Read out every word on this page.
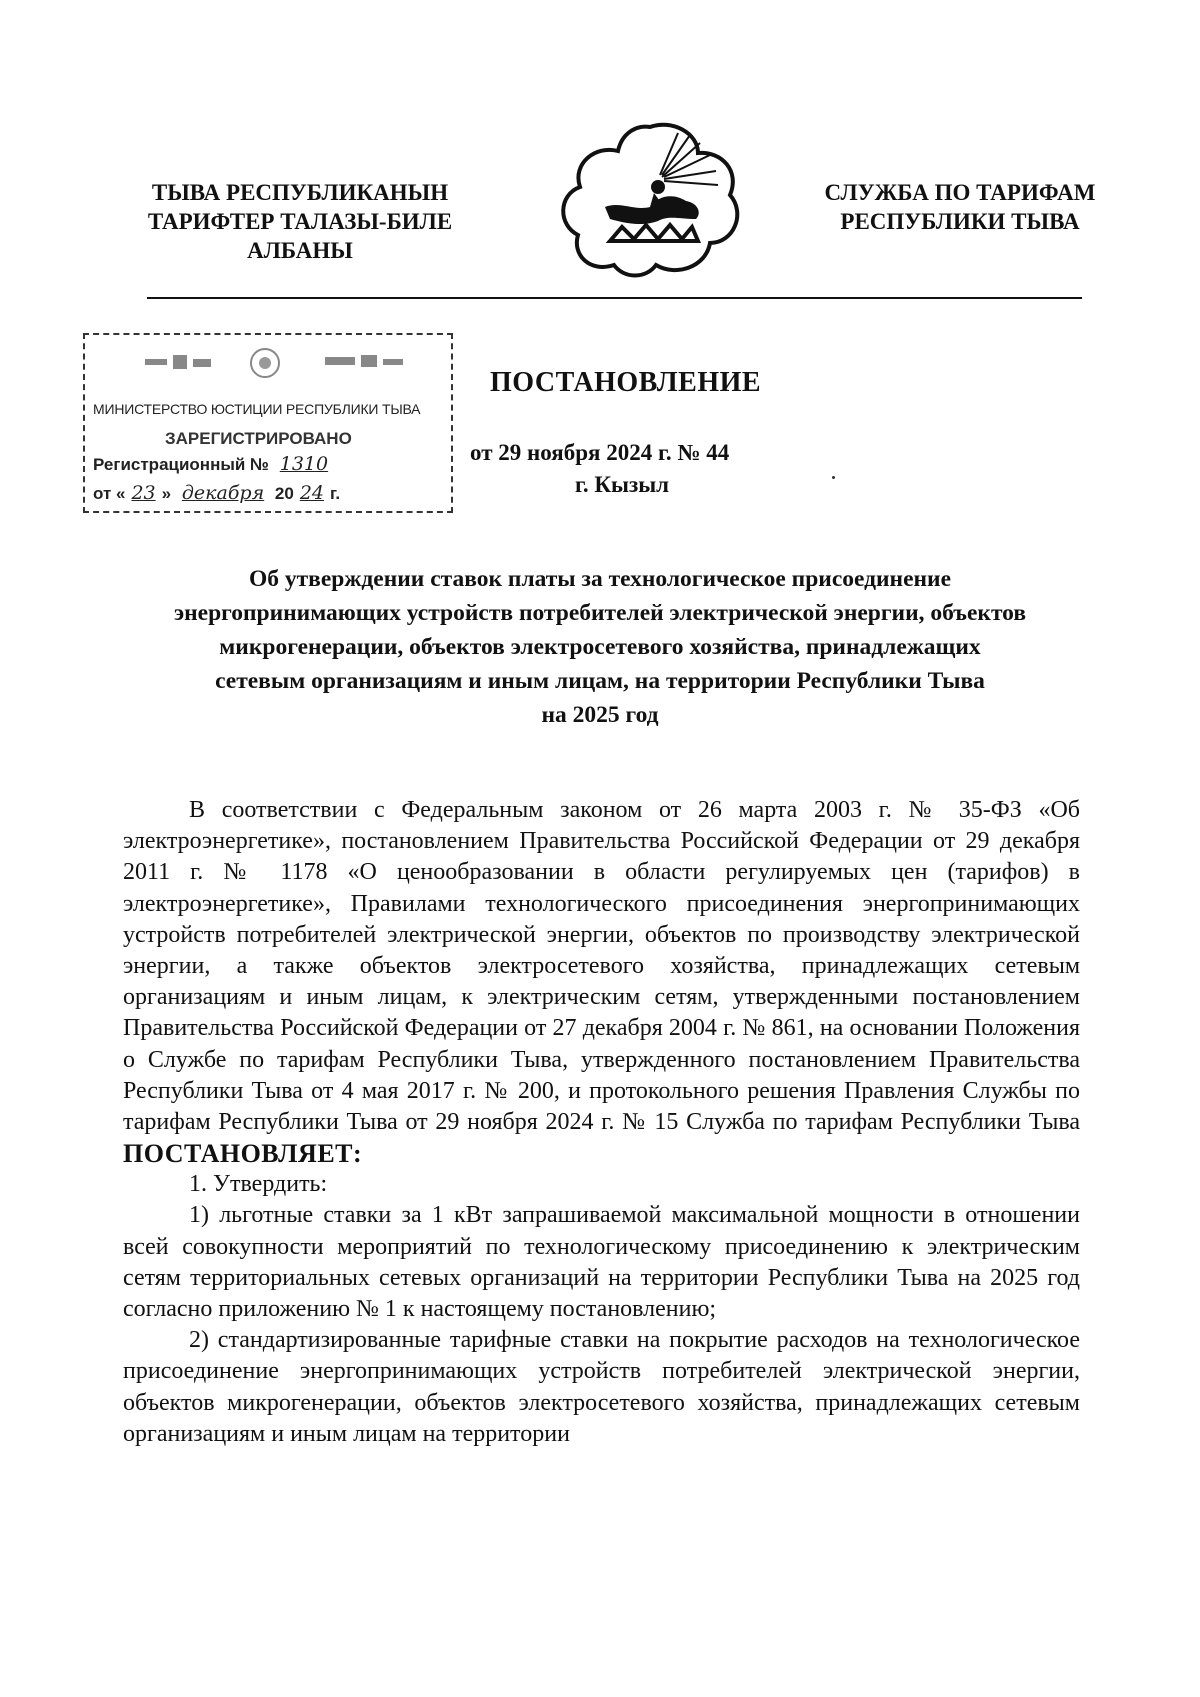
ТЫВА РЕСПУБЛИКАНЫН
ТАРИФТЕР ТАЛАЗЫ-БИЛЕ
АЛБАНЫ
СЛУЖБА ПО ТАРИФАМ
РЕСПУБЛИКИ ТЫВА
МИНИСТЕРСТВО ЮСТИЦИИ РЕСПУБЛИКИ ТЫВА
ЗАРЕГИСТРИРОВАНО
Регистрационный № 1310
от « 23 » декабря 20 24 г.
ПОСТАНОВЛЕНИЕ
от 29 ноября 2024 г. № 44
г. Кызыл
Об утверждении ставок платы за технологическое присоединение
энергопринимающих устройств потребителей электрической энергии, объектов
микрогенерации, объектов электросетевого хозяйства, принадлежащих
сетевым организациям и иным лицам, на территории Республики Тыва
на 2025 год

В соответствии с Федеральным законом от 26 марта 2003 г. № 35-ФЗ «Об электроэнергетике», постановлением Правительства Российской Федерации от 29 декабря 2011 г. № 1178 «О ценообразовании в области регулируемых цен (тарифов) в электроэнергетике», Правилами технологического присоединения энергопринимающих устройств потребителей электрической энергии, объектов по производству электрической энергии, а также объектов электросетевого хозяйства, принадлежащих сетевым организациям и иным лицам, к электрическим сетям, утвержденными постановлением Правительства Российской Федерации от 27 декабря 2004 г. № 861, на основании Положения о Службе по тарифам Республики Тыва, утвержденного постановлением Правительства Республики Тыва от 4 мая 2017 г. № 200, и протокольного решения Правления Службы по тарифам Республики Тыва от 29 ноября 2024 г. № 15 Служба по тарифам Республики Тыва

ПОСТАНОВЛЯЕТ:

1. Утвердить:

1) льготные ставки за 1 кВт запрашиваемой максимальной мощности в отношении всей совокупности мероприятий по технологическому присоединению к электрическим сетям территориальных сетевых организаций на территории Республики Тыва на 2025 год согласно приложению № 1 к настоящему постановлению;

2) стандартизированные тарифные ставки на покрытие расходов на технологическое присоединение энергопринимающих устройств потребителей электрической энергии, объектов микрогенерации, объектов электросетевого хозяйства, принадлежащих сетевым организациям и иным лицам на территории
